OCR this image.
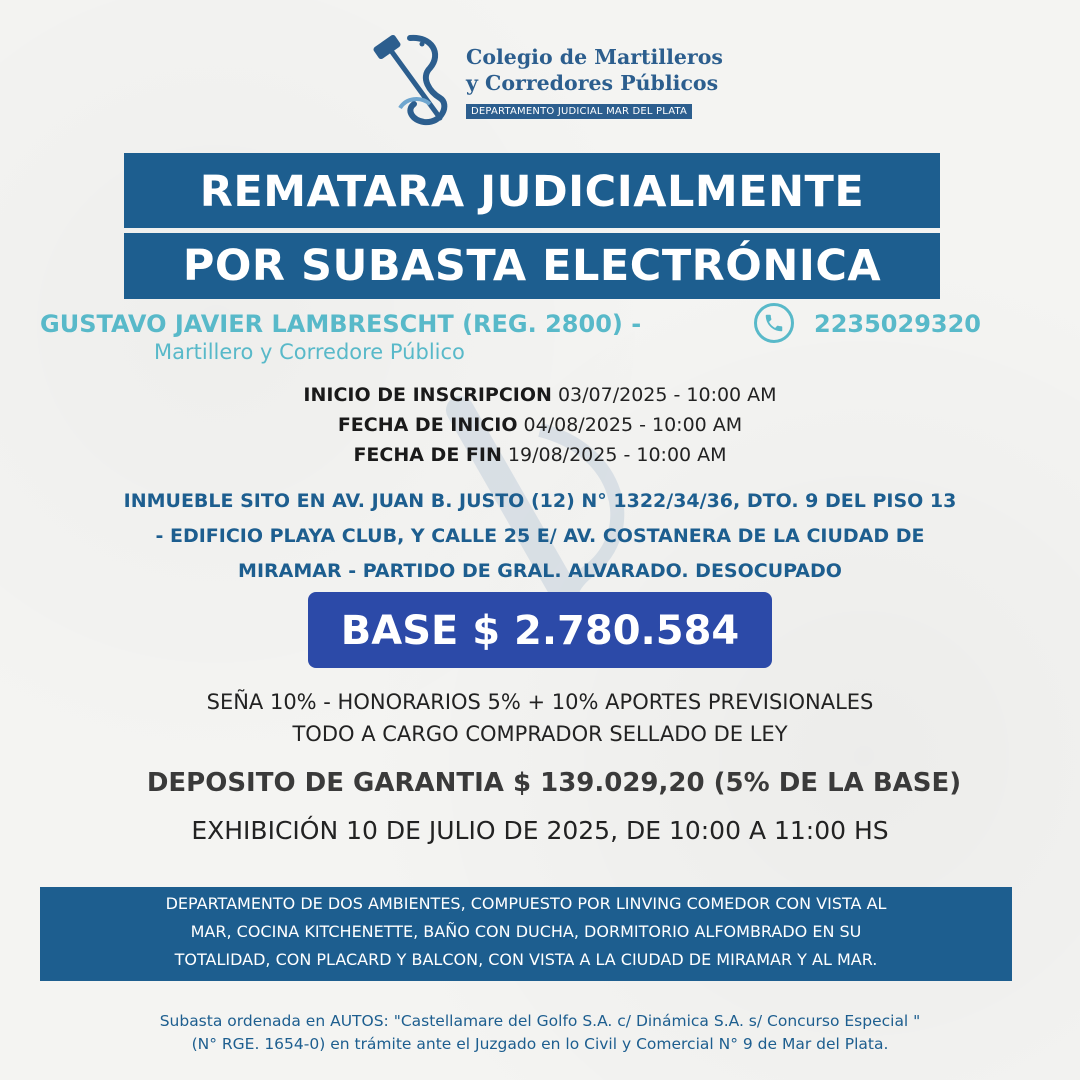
Colegio de Martilleros
y Corredores Públicos
DEPARTAMENTO JUDICIAL MAR DEL PLATA
REMATARA JUDICIALMENTE
POR SUBASTA ELECTRÓNICA
GUSTAVO JAVIER LAMBRESCHT (REG. 2800) -	2235029320
Martillero y Corredore Público
INICIO DE INSCRIPCION 03/07/2025 - 10:00 AM
FECHA DE INICIO 04/08/2025 - 10:00 AM
FECHA DE FIN 19/08/2025 - 10:00 AM
INMUEBLE SITO EN AV. JUAN B. JUSTO (12) N° 1322/34/36, DTO. 9 DEL PISO 13
- EDIFICIO PLAYA CLUB, Y CALLE 25 E/ AV. COSTANERA DE LA CIUDAD DE
MIRAMAR - PARTIDO DE GRAL. ALVARADO. DESOCUPADO
BASE $ 2.780.584
SEÑA 10% - HONORARIOS 5% + 10% APORTES PREVISIONALES
TODO A CARGO COMPRADOR SELLADO DE LEY
DEPOSITO DE GARANTIA $ 139.029,20 (5% DE LA BASE)
EXHIBICIÓN 10 DE JULIO DE 2025, DE 10:00 A 11:00 HS
DEPARTAMENTO DE DOS AMBIENTES, COMPUESTO POR LINVING COMEDOR CON VISTA AL
MAR, COCINA KITCHENETTE, BAÑO CON DUCHA, DORMITORIO ALFOMBRADO EN SU
TOTALIDAD, CON PLACARD Y BALCON, CON VISTA A LA CIUDAD DE MIRAMAR Y AL MAR.
Subasta ordenada en AUTOS: "Castellamare del Golfo S.A. c/ Dinámica S.A. s/ Concurso Especial "
(N° RGE. 1654-0) en trámite ante el Juzgado en lo Civil y Comercial N° 9 de Mar del Plata.
